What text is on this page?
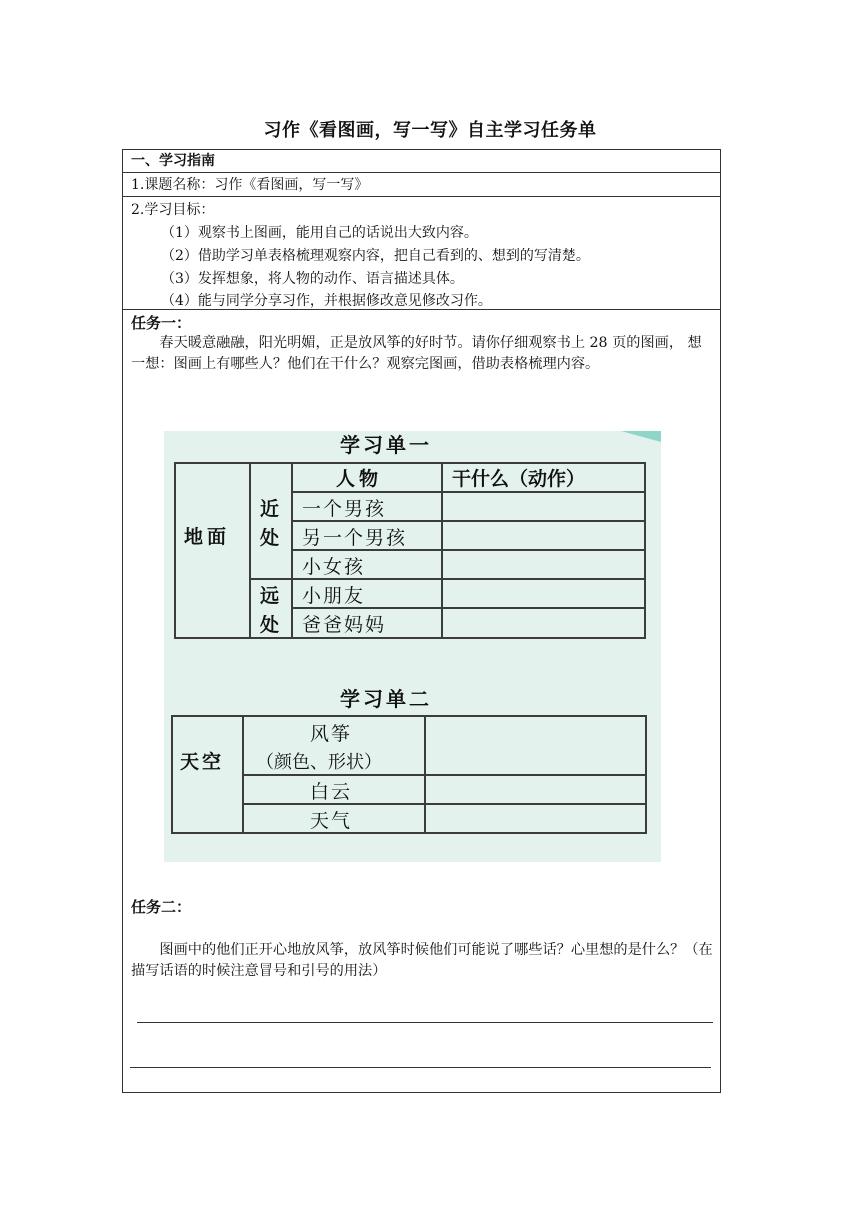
习作《看图画，写一写》自主学习任务单
一、学习指南
1.课题名称：习作《看图画，写一写》
2.学习目标：
（1）观察书上图画，能用自己的话说出大致内容。
（2）借助学习单表格梳理观察内容，把自己看到的、想到的写清楚。
（3）发挥想象，将人物的动作、语言描述具体。
（4）能与同学分享习作，并根据修改意见修改习作。
任务一：
春天暖意融融，阳光明媚，正是放风筝的好时节。请你仔细观察书上 28 页的图画， 想一想：图画上有哪些人？他们在干什么？观察完图画，借助表格梳理内容。
任务二：
图画中的他们正开心地放风筝，放风筝时候他们可能说了哪些话？心里想的是什么？（在描写话语的时候注意冒号和引号的用法）
学习单一
地面
近
处
远
处
人物	干什么（动作）
一个男孩
另一个男孩
小女孩
小朋友
爸爸妈妈
学习单二
天空
风筝
（颜色、形状）
白云
天气
